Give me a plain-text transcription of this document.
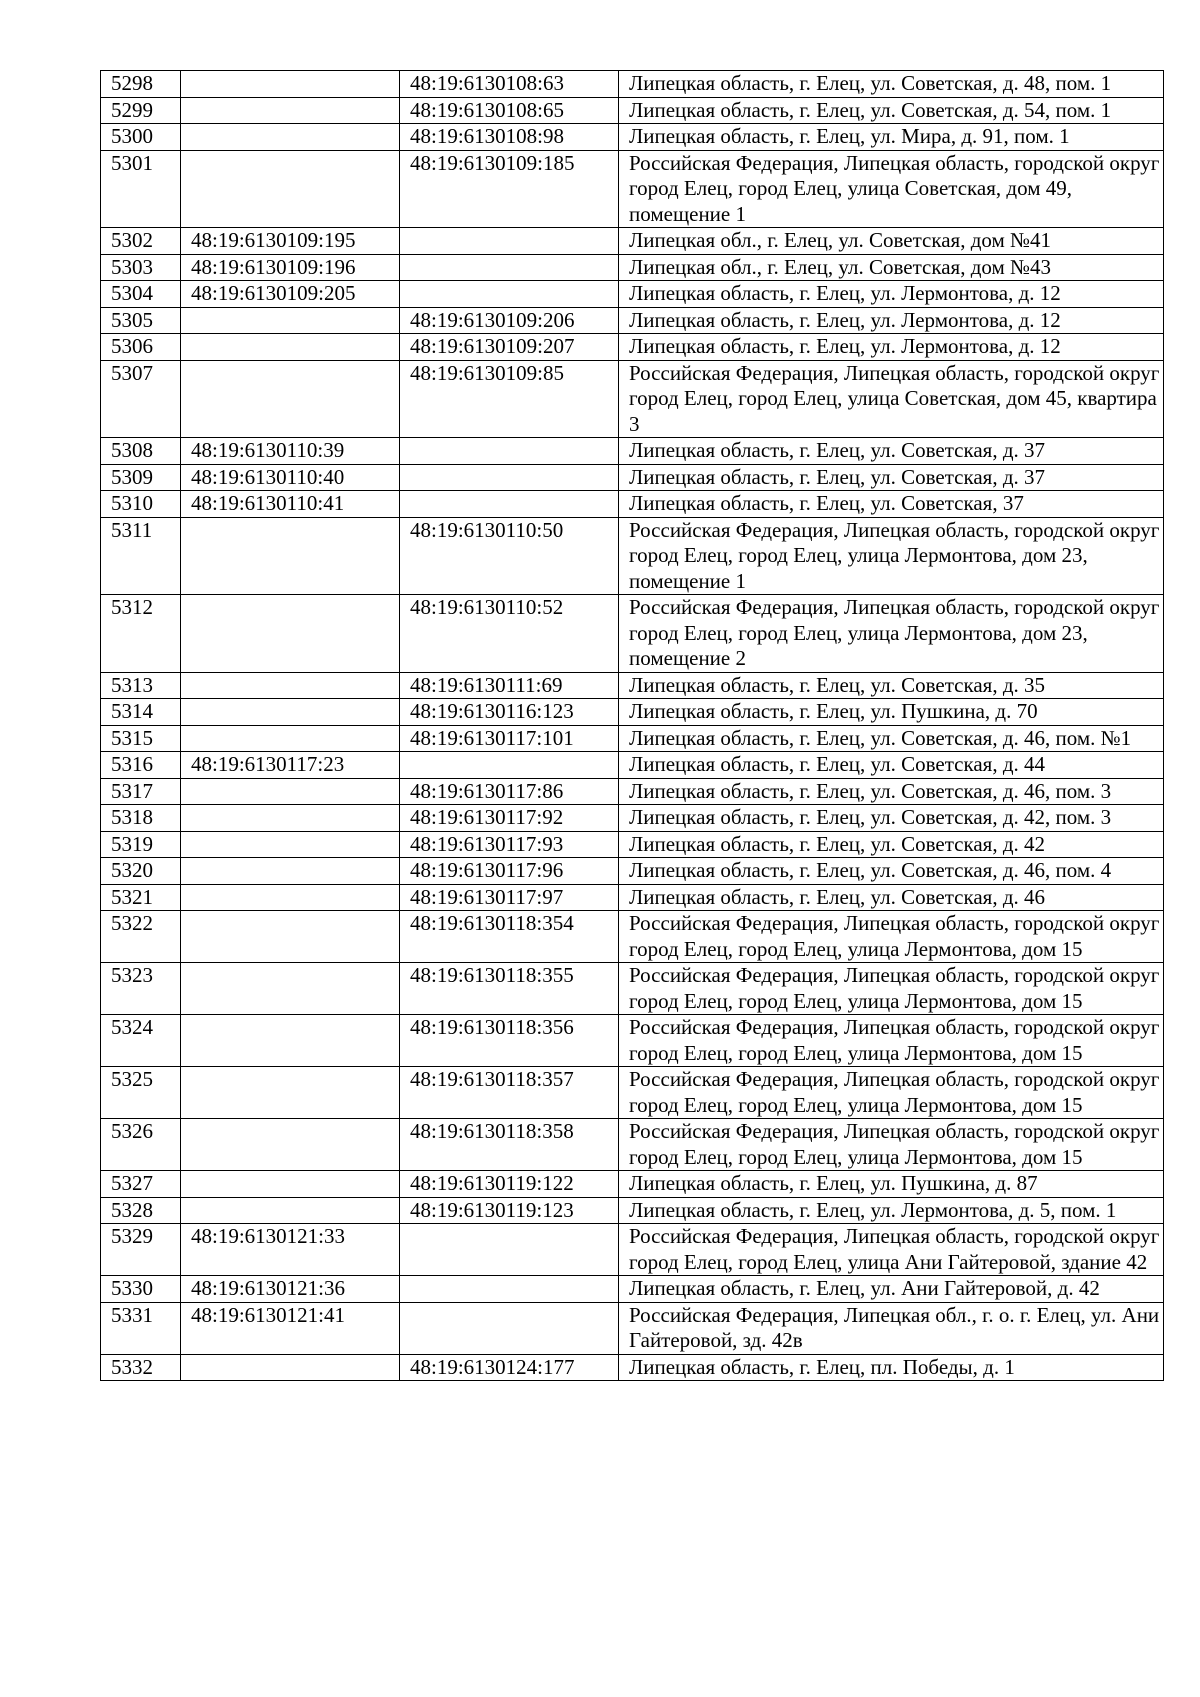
5298		48:19:6130108:63	Липецкая область, г. Елец, ул. Советская, д. 48, пом. 1
5299		48:19:6130108:65	Липецкая область, г. Елец, ул. Советская, д. 54, пом. 1
5300		48:19:6130108:98	Липецкая область, г. Елец, ул. Мира, д. 91, пом. 1
5301		48:19:6130109:185	Российская Федерация, Липецкая область, городской округ город Елец, город Елец, улица Советская, дом 49, помещение 1
5302	48:19:6130109:195		Липецкая обл., г. Елец, ул. Советская, дом №41
5303	48:19:6130109:196		Липецкая обл., г. Елец, ул. Советская, дом №43
5304	48:19:6130109:205		Липецкая область, г. Елец, ул. Лермонтова, д. 12
5305		48:19:6130109:206	Липецкая область, г. Елец, ул. Лермонтова, д. 12
5306		48:19:6130109:207	Липецкая область, г. Елец, ул. Лермонтова, д. 12
5307		48:19:6130109:85	Российская Федерация, Липецкая область, городской округ город Елец, город Елец, улица Советская, дом 45, квартира 3
5308	48:19:6130110:39		Липецкая область, г. Елец, ул. Советская, д. 37
5309	48:19:6130110:40		Липецкая область, г. Елец, ул. Советская, д. 37
5310	48:19:6130110:41		Липецкая область, г. Елец, ул. Советская, 37
5311		48:19:6130110:50	Российская Федерация, Липецкая область, городской округ город Елец, город Елец, улица Лермонтова, дом 23, помещение 1
5312		48:19:6130110:52	Российская Федерация, Липецкая область, городской округ город Елец, город Елец, улица Лермонтова, дом 23, помещение 2
5313		48:19:6130111:69	Липецкая область, г. Елец, ул. Советская, д. 35
5314		48:19:6130116:123	Липецкая область, г. Елец, ул. Пушкина, д. 70
5315		48:19:6130117:101	Липецкая область, г. Елец, ул. Советская, д. 46, пом. №1
5316	48:19:6130117:23		Липецкая область, г. Елец, ул. Советская, д. 44
5317		48:19:6130117:86	Липецкая область, г. Елец, ул. Советская, д. 46, пом. 3
5318		48:19:6130117:92	Липецкая область, г. Елец, ул. Советская, д. 42, пом. 3
5319		48:19:6130117:93	Липецкая область, г. Елец, ул. Советская, д. 42
5320		48:19:6130117:96	Липецкая область, г. Елец, ул. Советская, д. 46, пом. 4
5321		48:19:6130117:97	Липецкая область, г. Елец, ул. Советская, д. 46
5322		48:19:6130118:354	Российская Федерация, Липецкая область, городской округ город Елец, город Елец, улица Лермонтова, дом 15
5323		48:19:6130118:355	Российская Федерация, Липецкая область, городской округ город Елец, город Елец, улица Лермонтова, дом 15
5324		48:19:6130118:356	Российская Федерация, Липецкая область, городской округ город Елец, город Елец, улица Лермонтова, дом 15
5325		48:19:6130118:357	Российская Федерация, Липецкая область, городской округ город Елец, город Елец, улица Лермонтова, дом 15
5326		48:19:6130118:358	Российская Федерация, Липецкая область, городской округ город Елец, город Елец, улица Лермонтова, дом 15
5327		48:19:6130119:122	Липецкая область, г. Елец, ул. Пушкина, д. 87
5328		48:19:6130119:123	Липецкая область, г. Елец, ул. Лермонтова, д. 5, пом. 1
5329	48:19:6130121:33		Российская Федерация, Липецкая область, городской округ город Елец, город Елец, улица Ани Гайтеровой, здание 42
5330	48:19:6130121:36		Липецкая область, г. Елец, ул. Ани Гайтеровой, д. 42
5331	48:19:6130121:41		Российская Федерация, Липецкая обл., г. о. г. Елец, ул. Ани Гайтеровой, зд. 42в
5332		48:19:6130124:177	Липецкая область, г. Елец, пл. Победы, д. 1
